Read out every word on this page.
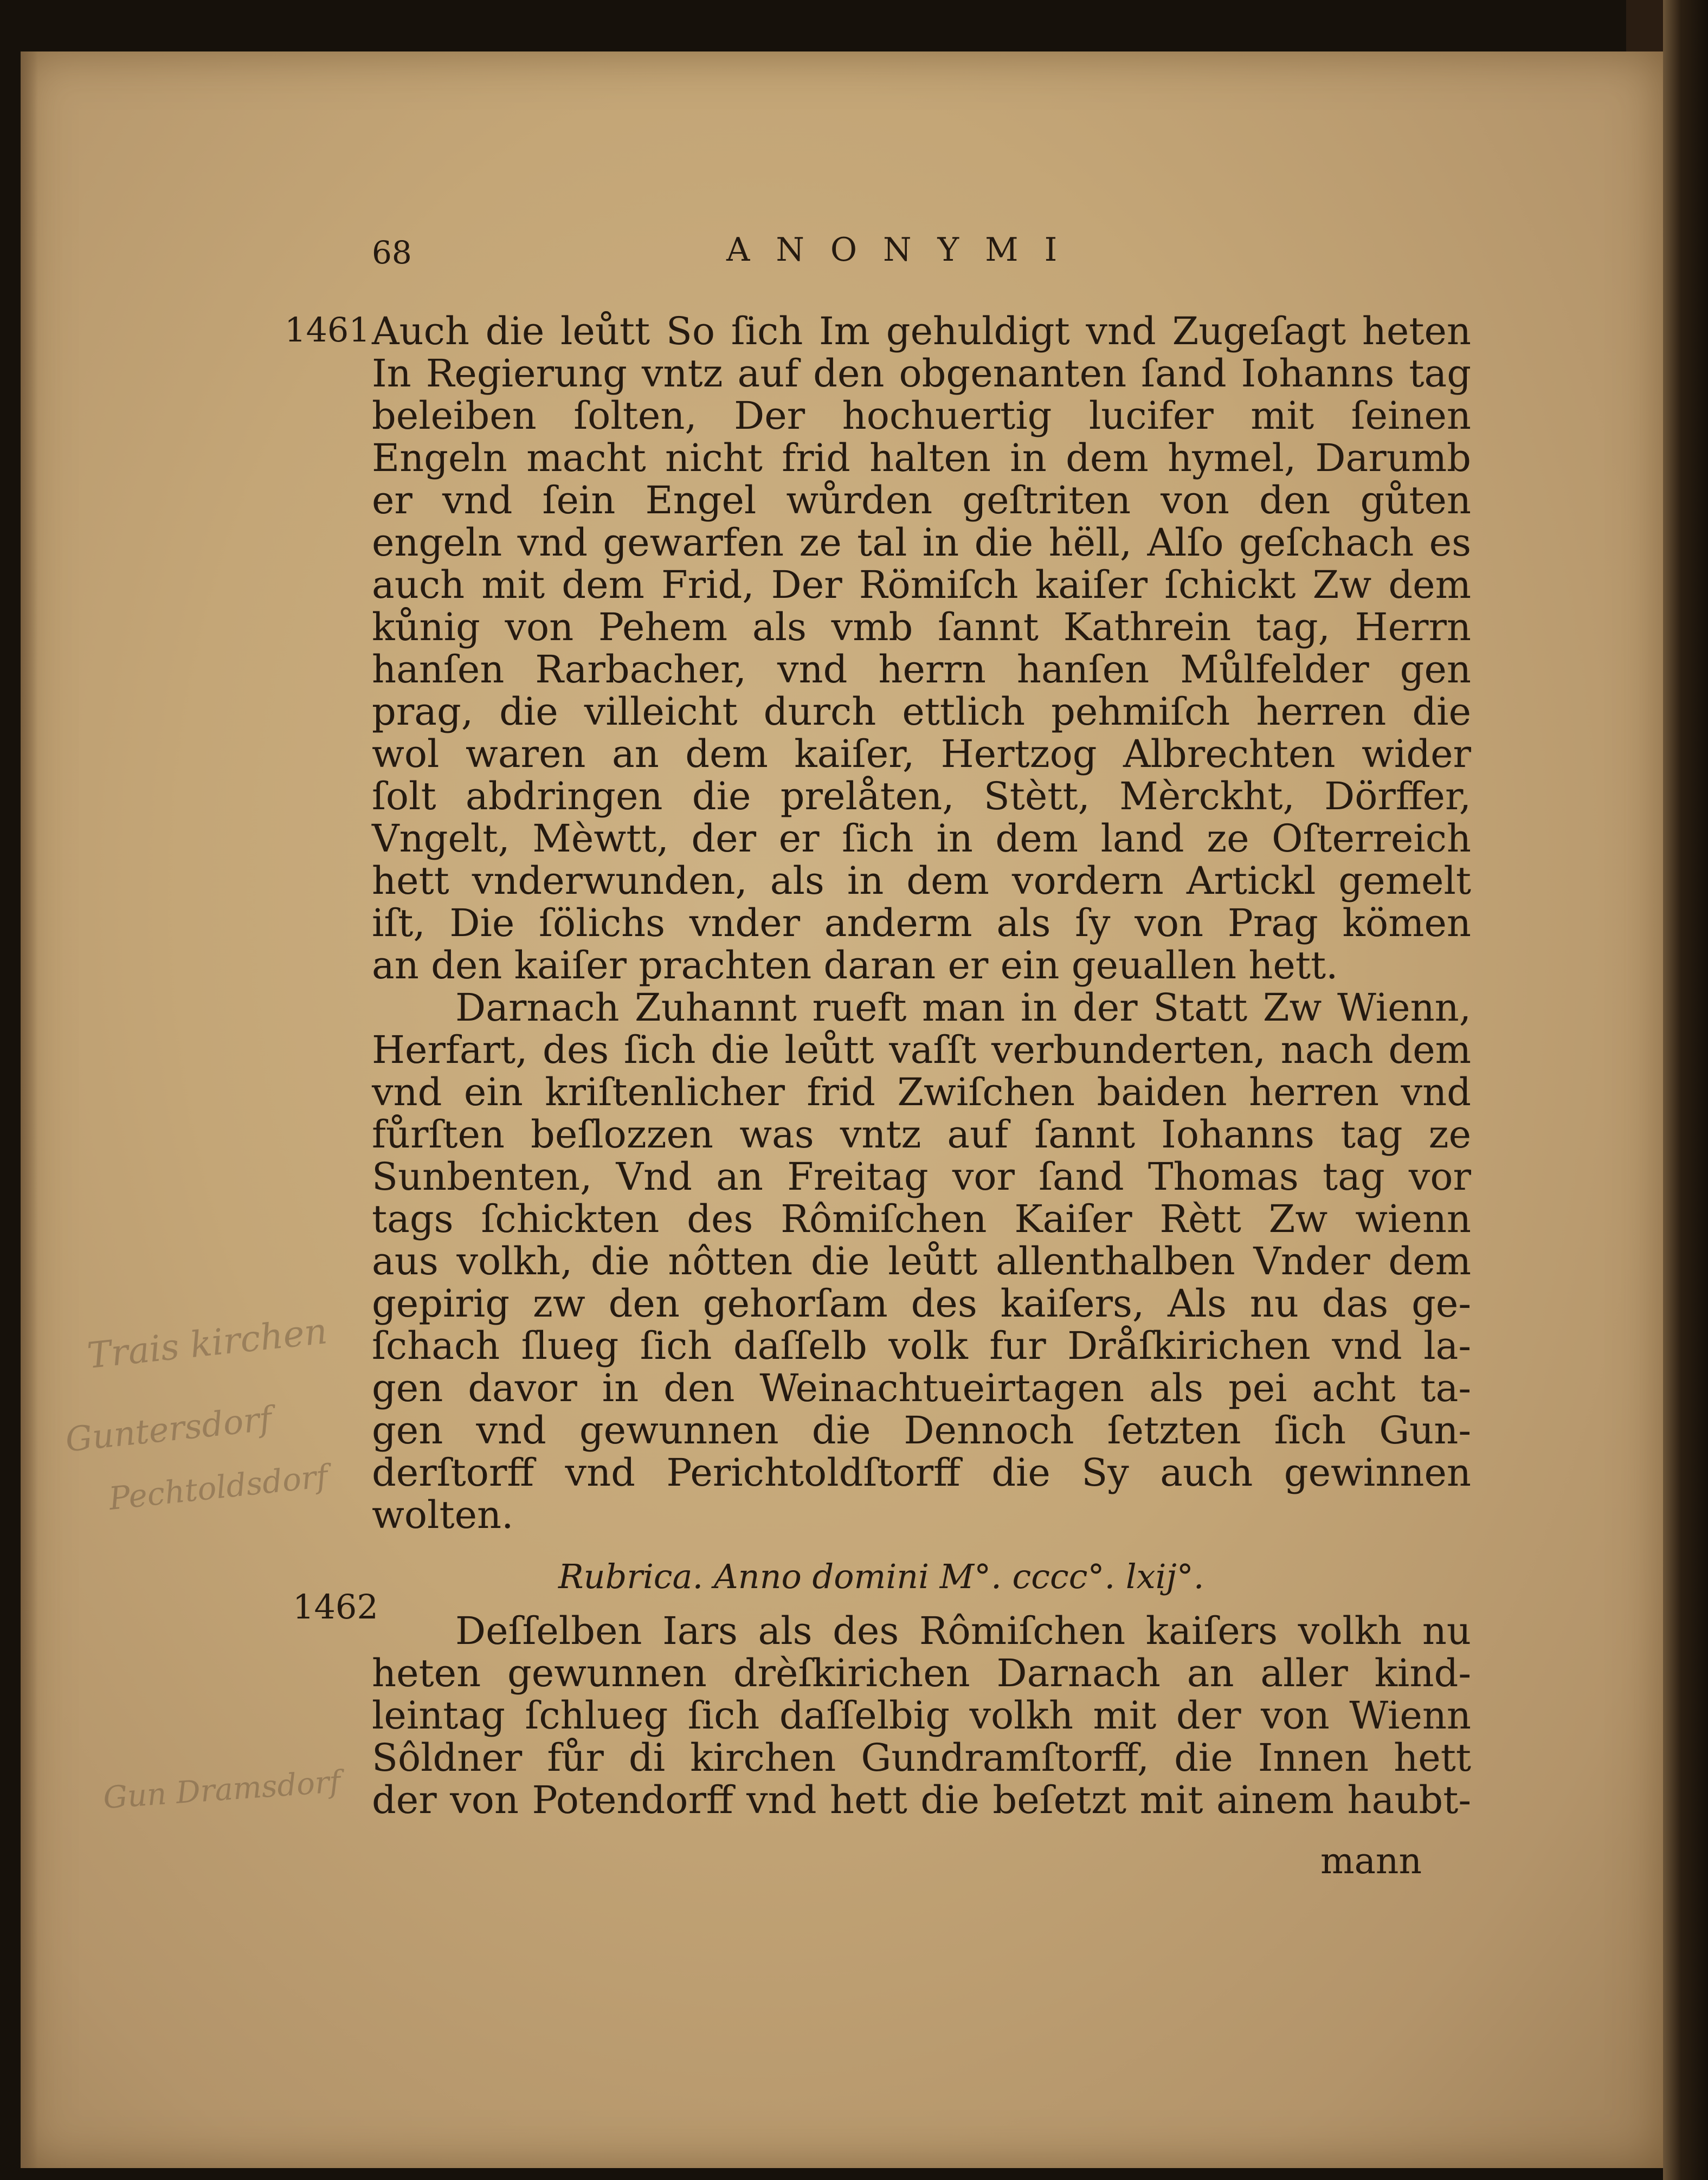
68	ANONYMI
1461
1462
Auch die leůtt So ſich Im gehuldigt vnd Zugeſagt heten
In Regierung vntz auf den obgenanten ſand Iohanns tag
beleiben ſolten, Der hochuertig lucifer mit ſeinen
Engeln macht nicht frid halten in dem hymel, Darumb
er vnd ſein Engel wůrden geſtriten von den gůten
engeln vnd gewarfen ze tal in die hëll, Alſo geſchach es
auch mit dem Frid, Der Römiſch kaiſer ſchickt Zw dem
kůnig von Pehem als vmb ſannt Kathrein tag, Herrn
hanſen Rarbacher, vnd herrn hanſen Můlfelder gen
prag, die villeicht durch ettlich pehmiſch herren die
wol waren an dem kaiſer, Hertzog Albrechten wider
ſolt abdringen die prelåten, Stètt, Mèrckht, Dörffer,
Vngelt, Mèwtt, der er ſich in dem land ze Oſterreich
hett vnderwunden, als in dem vordern Artickl gemelt
iſt, Die ſölichs vnder anderm als ſy von Prag kömen
an den kaiſer prachten daran er ein geuallen hett.
Darnach Zuhannt rueft man in der Statt Zw Wienn,
Herfart, des ſich die leůtt vaſſt verbunderten, nach dem
vnd ein kriſtenlicher frid Zwiſchen baiden herren vnd
fůrſten beſlozzen was vntz auf ſannt Iohanns tag ze
Sunbenten, Vnd an Freitag vor ſand Thomas tag vor
tags ſchickten des Rômiſchen Kaiſer Rètt Zw wienn
aus volkh, die nôtten die leůtt allenthalben Vnder dem
gepirig zw den gehorſam des kaiſers, Als nu das ge-
ſchach ſlueg ſich daſſelb volk fur Dråſkirichen vnd la-
gen davor in den Weinachtueirtagen als pei acht ta-
gen vnd gewunnen die Dennoch ſetzten ſich Gun-
derſtorff vnd Perichtoldſtorff die Sy auch gewinnen
wolten.
Rubrica. Anno domini M°. cccc°. lxij°.
Deſſelben Iars als des Rômiſchen kaiſers volkh nu
heten gewunnen drèſkirichen Darnach an aller kind-
leintag ſchlueg ſich daſſelbig volkh mit der von Wienn
Sôldner fůr di kirchen Gundramſtorff, die Innen hett
der von Potendorff vnd hett die beſetzt mit ainem haubt-
mann
Trais kirchen
Guntersdorf
Pechtoldsdorf
Gun Dramsdorf
